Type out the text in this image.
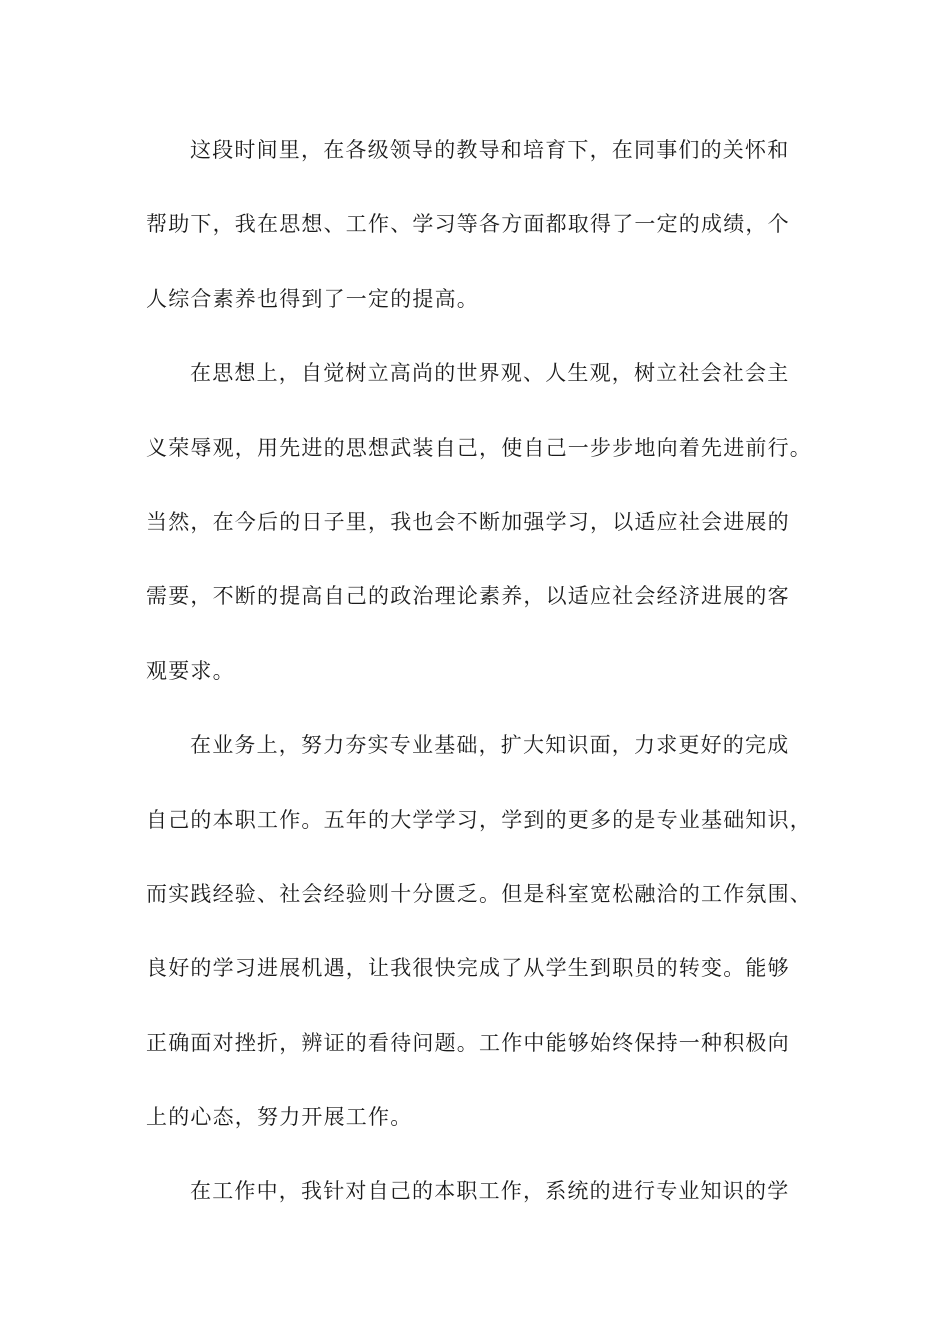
这段时间里，在各级领导的教导和培育下，在同事们的关怀和
帮助下，我在思想、工作、学习等各方面都取得了一定的成绩，个
人综合素养也得到了一定的提高。
在思想上，自觉树立高尚的世界观、人生观，树立社会社会主
义荣辱观，用先进的思想武装自己，使自己一步步地向着先进前行。
当然，在今后的日子里，我也会不断加强学习，以适应社会进展的
需要，不断的提高自己的政治理论素养，以适应社会经济进展的客
观要求。
在业务上，努力夯实专业基础，扩大知识面，力求更好的完成
自己的本职工作。五年的大学学习，学到的更多的是专业基础知识，
而实践经验、社会经验则十分匮乏。但是科室宽松融洽的工作氛围、
良好的学习进展机遇，让我很快完成了从学生到职员的转变。能够
正确面对挫折，辨证的看待问题。工作中能够始终保持一种积极向
上的心态，努力开展工作。
在工作中，我针对自己的本职工作，系统的进行专业知识的学
